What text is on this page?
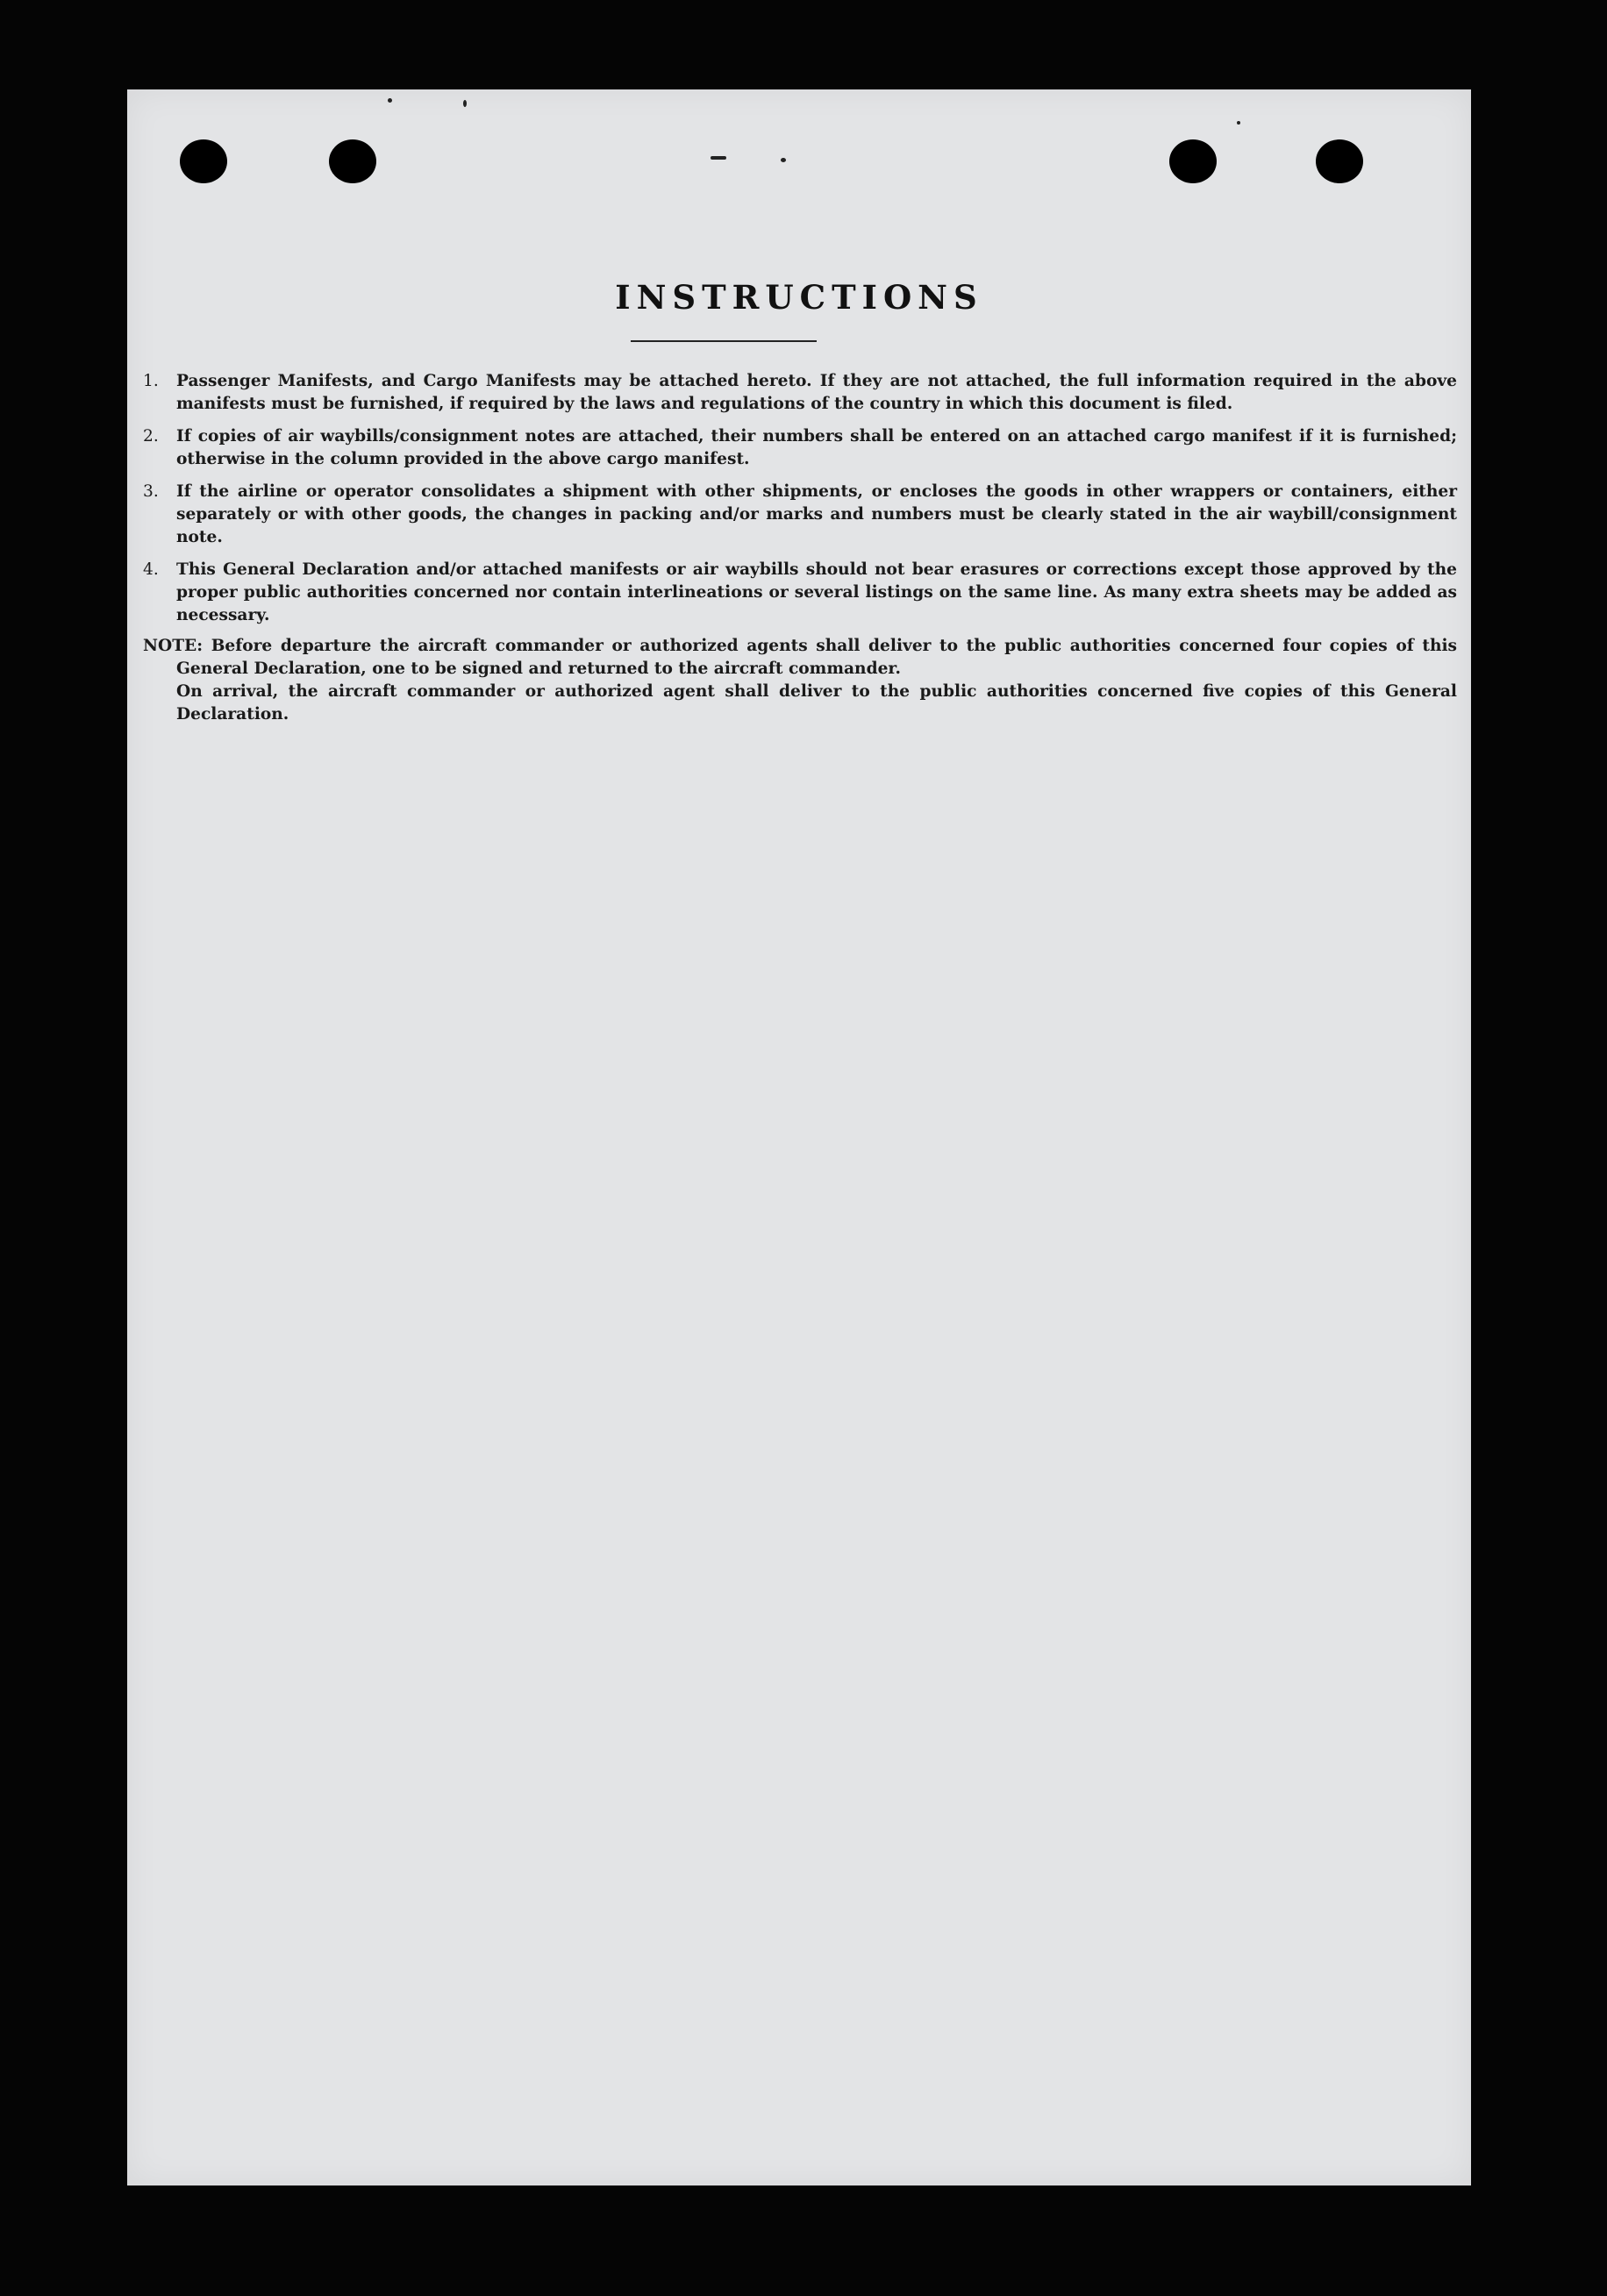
INSTRUCTIONS
1. Passenger Manifests, and Cargo Manifests may be attached hereto. If they are not attached, the full information required in the above manifests must be furnished, if required by the laws and regulations of the country in which this document is filed.
2. If copies of air waybills/consignment notes are attached, their numbers shall be entered on an attached cargo manifest if it is furnished; otherwise in the column provided in the above cargo manifest.
3. If the airline or operator consolidates a shipment with other shipments, or encloses the goods in other wrappers or containers, either separately or with other goods, the changes in packing and/or marks and numbers must be clearly stated in the air waybill/consignment note.
4. This General Declaration and/or attached manifests or air waybills should not bear erasures or corrections except those approved by the proper public authorities concerned nor contain interlineations or several listings on the same line. As many extra sheets may be added as necessary.
NOTE: Before departure the aircraft commander or authorized agents shall deliver to the public authorities concerned four copies of this General Declaration, one to be signed and returned to the aircraft commander.
On arrival, the aircraft commander or authorized agent shall deliver to the public authorities concerned five copies of this General Declaration.
